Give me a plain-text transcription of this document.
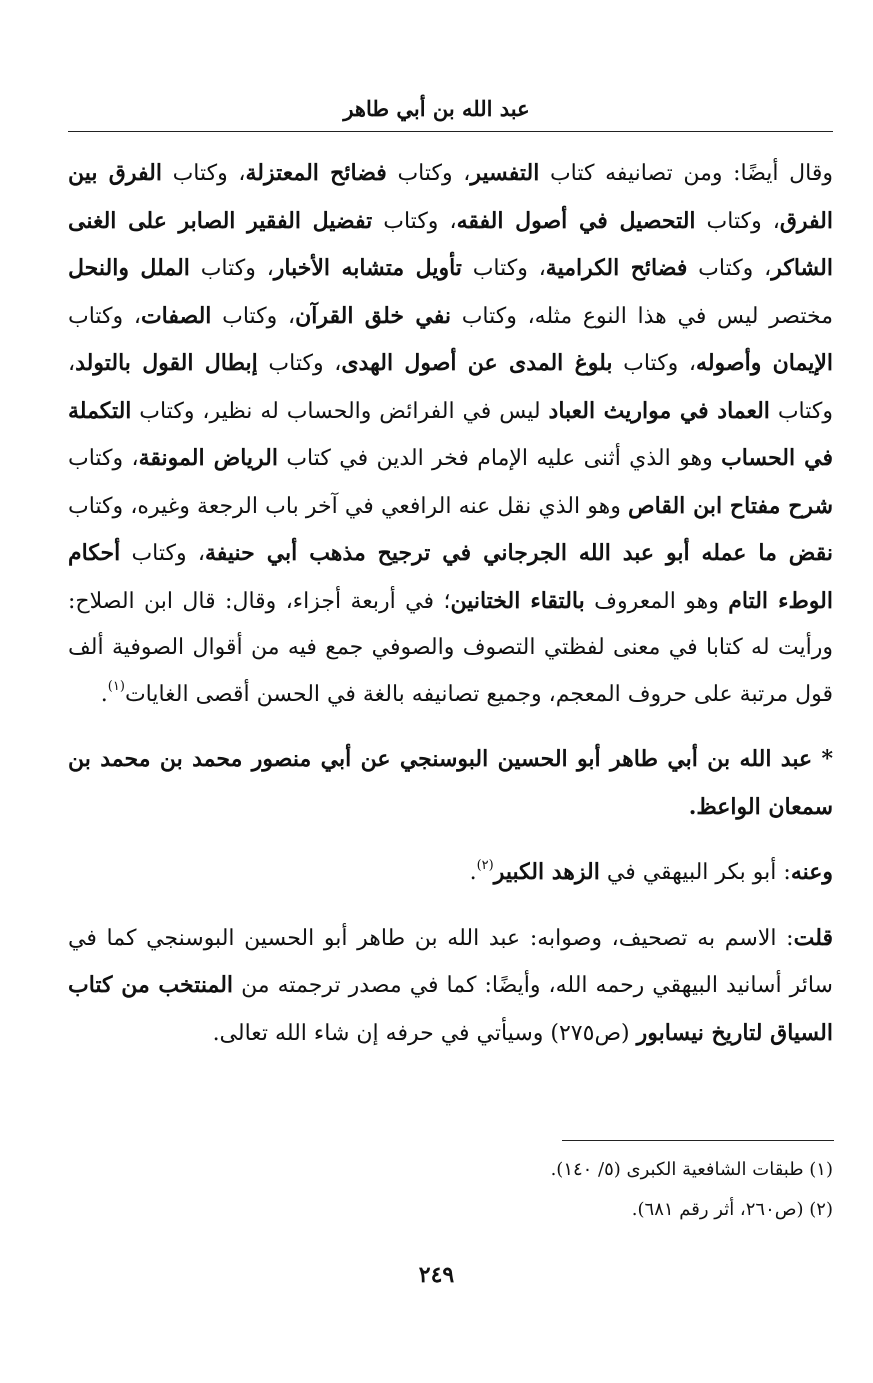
عبد الله بن أبي طاهر

وقال أيضًا: ومن تصانيفه كتاب التفسير، وكتاب فضائح المعتزلة، وكتاب الفرق بين الفرق، وكتاب التحصيل في أصول الفقه، وكتاب تفضيل الفقير الصابر على الغنى الشاكر، وكتاب فضائح الكرامية، وكتاب تأويل متشابه الأخبار، وكتاب الملل والنحل مختصر ليس في هذا النوع مثله، وكتاب نفي خلق القرآن، وكتاب الصفات، وكتاب الإيمان وأصوله، وكتاب بلوغ المدى عن أصول الهدى، وكتاب إبطال القول بالتولد، وكتاب العماد في مواريث العباد ليس في الفرائض والحساب له نظير، وكتاب التكملة في الحساب وهو الذي أثنى عليه الإمام فخر الدين في كتاب الرياض المونقة، وكتاب شرح مفتاح ابن القاص وهو الذي نقل عنه الرافعي في آخر باب الرجعة وغيره، وكتاب نقض ما عمله أبو عبد الله الجرجاني في ترجيح مذهب أبي حنيفة، وكتاب أحكام الوطء التام وهو المعروف بالتقاء الختانين؛ في أربعة أجزاء، وقال: قال ابن الصلاح: ورأيت له كتابا في معنى لفظتي التصوف والصوفي جمع فيه من أقوال الصوفية ألف قول مرتبة على حروف المعجم، وجميع تصانيفه بالغة في الحسن أقصى الغايات$^{(١)}$.

* عبد الله بن أبي طاهر أبو الحسين البوسنجي عن أبي منصور محمد بن محمد بن سمعان الواعظ.

وعنه: أبو بكر البيهقي في الزهد الكبير$^{(٢)}$.

قلت: الاسم به تصحيف، وصوابه: عبد الله بن طاهر أبو الحسين البوسنجي كما في سائر أسانيد البيهقي رحمه الله، وأيضًا: كما في مصدر ترجمته من المنتخب من كتاب السياق لتاريخ نيسابور (ص٢٧٥) وسيأتي في حرفه إن شاء الله تعالى.

(١) طبقات الشافعية الكبرى (٥/ ١٤٠).

(٢) (ص٢٦٠، أثر رقم ٦٨١).

٢٤٩
